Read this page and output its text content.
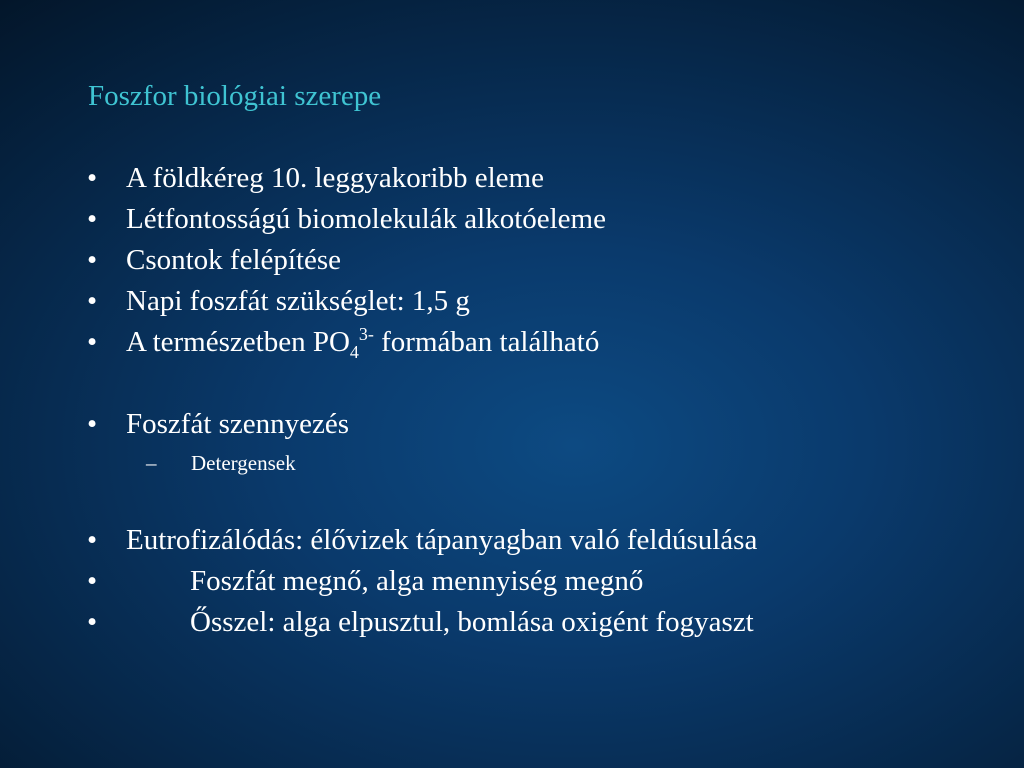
Foszfor biológiai szerepe
• A földkéreg 10. leggyakoribb eleme
• Létfontosságú biomolekulák alkotóeleme
• Csontok felépítése
• Napi foszfát szükséglet: 1,5 g
• A természetben $PO_4^{3-}$ formában található
• Foszfát szennyezés
– Detergensek
• Eutrofizálódás: élővizek tápanyagban való feldúsulása
•	Foszfát megnő, alga mennyiség megnő
•	Ősszel: alga elpusztul, bomlása oxigént fogyaszt
